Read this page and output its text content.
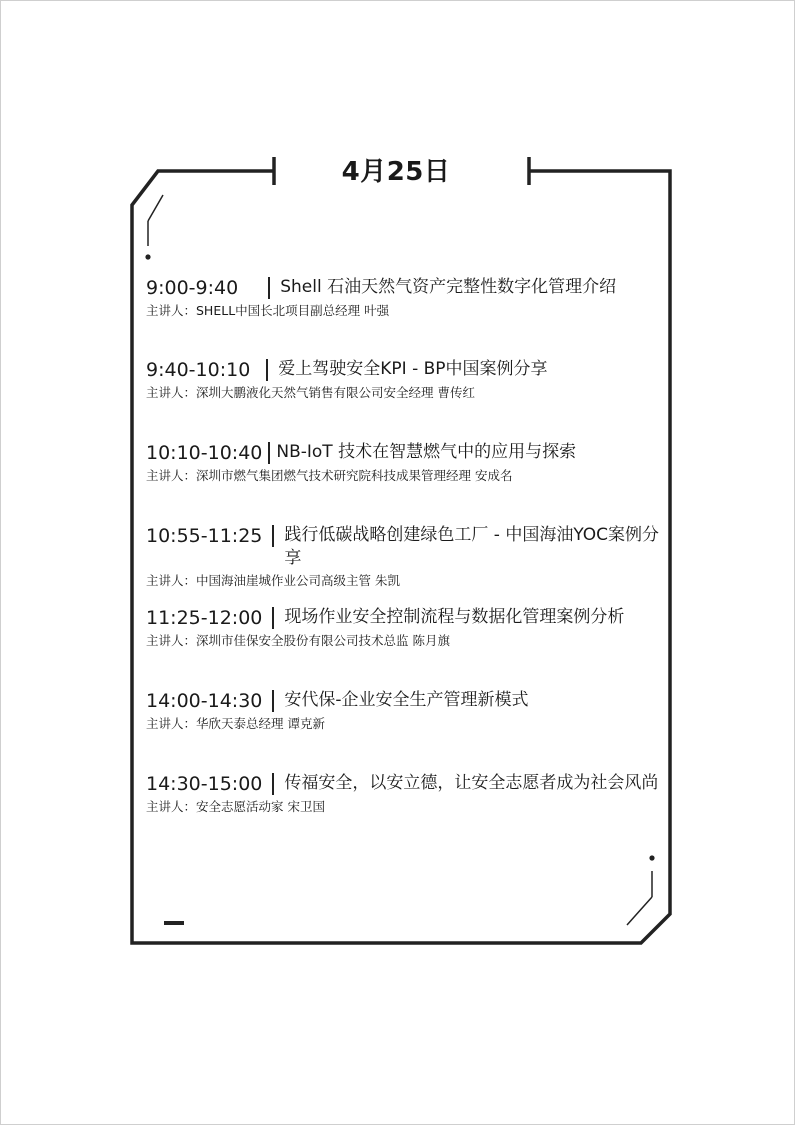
4月25日
9:00-9:40 Shell 石油天然气资产完整性数字化管理介绍
主讲人：SHELL中国长北项目副总经理 叶强
9:40-10:10 爱上驾驶安全KPI - BP中国案例分享
主讲人：深圳大鹏液化天然气销售有限公司安全经理 曹传红
10:10-10:40 NB-IoT 技术在智慧燃气中的应用与探索
主讲人：深圳市燃气集团燃气技术研究院科技成果管理经理 安成名
10:55-11:25 践行低碳战略创建绿色工厂 - 中国海油YOC案例分享
主讲人：中国海油崖城作业公司高级主管 朱凯
11:25-12:00 现场作业安全控制流程与数据化管理案例分析
主讲人：深圳市佳保安全股份有限公司技术总监 陈月旗
14:00-14:30 安代保-企业安全生产管理新模式
主讲人：华欣天泰总经理 谭克新
14:30-15:00 传福安全，以安立德，让安全志愿者成为社会风尚
主讲人：安全志愿活动家 宋卫国
